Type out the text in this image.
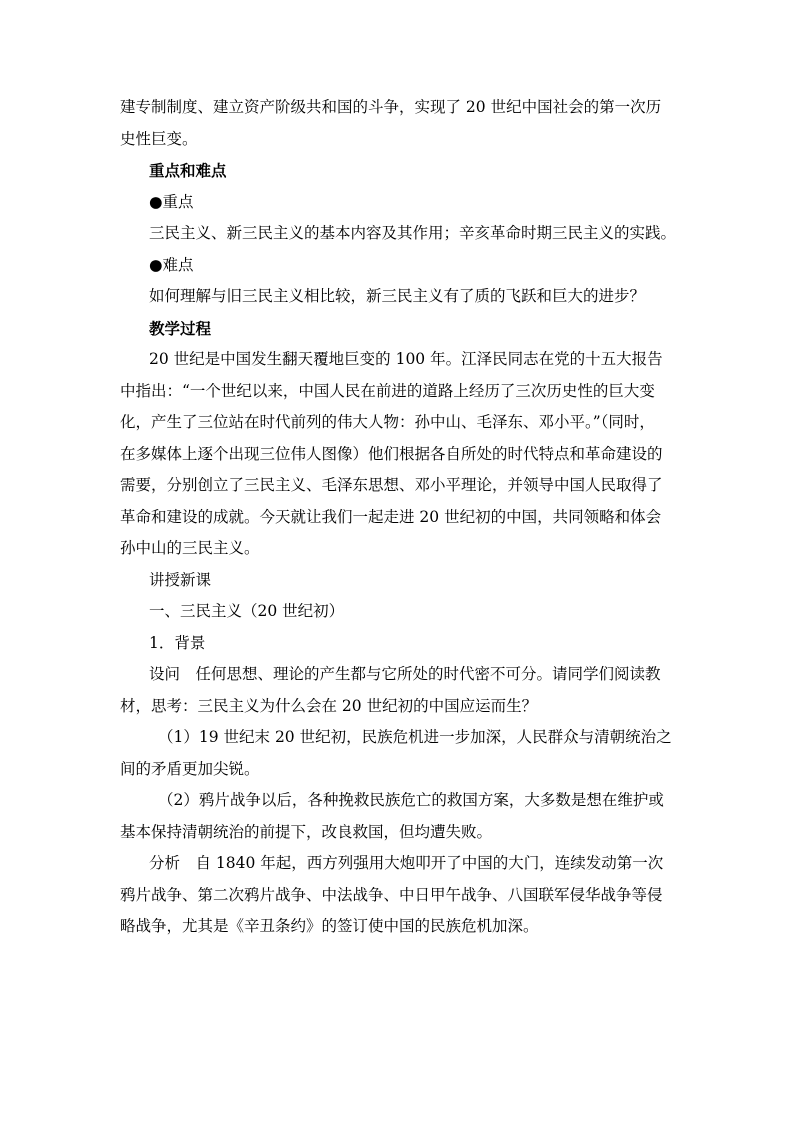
建专制制度、建立资产阶级共和国的斗争，实现了 20 世纪中国社会的第一次历
史性巨变。
重点和难点
●重点
三民主义、新三民主义的基本内容及其作用；辛亥革命时期三民主义的实践。
●难点
如何理解与旧三民主义相比较，新三民主义有了质的飞跃和巨大的进步？
教学过程
20 世纪是中国发生翻天覆地巨变的 100 年。江泽民同志在党的十五大报告
中指出：“一个世纪以来，中国人民在前进的道路上经历了三次历史性的巨大变
化，产生了三位站在时代前列的伟大人物：孙中山、毛泽东、邓小平。”（同时，
在多媒体上逐个出现三位伟人图像）他们根据各自所处的时代特点和革命建设的
需要，分别创立了三民主义、毛泽东思想、邓小平理论，并领导中国人民取得了
革命和建设的成就。今天就让我们一起走进 20 世纪初的中国，共同领略和体会
孙中山的三民主义。
讲授新课
一、三民主义（20 世纪初）
1．背景
设问　任何思想、理论的产生都与它所处的时代密不可分。请同学们阅读教
材，思考：三民主义为什么会在 20 世纪初的中国应运而生？
（1）19 世纪末 20 世纪初，民族危机进一步加深，人民群众与清朝统治之
间的矛盾更加尖锐。
（2）鸦片战争以后，各种挽救民族危亡的救国方案，大多数是想在维护或
基本保持清朝统治的前提下，改良救国，但均遭失败。
分析　自 1840 年起，西方列强用大炮叩开了中国的大门，连续发动第一次
鸦片战争、第二次鸦片战争、中法战争、中日甲午战争、八国联军侵华战争等侵
略战争，尤其是《辛丑条约》的签订使中国的民族危机加深。
